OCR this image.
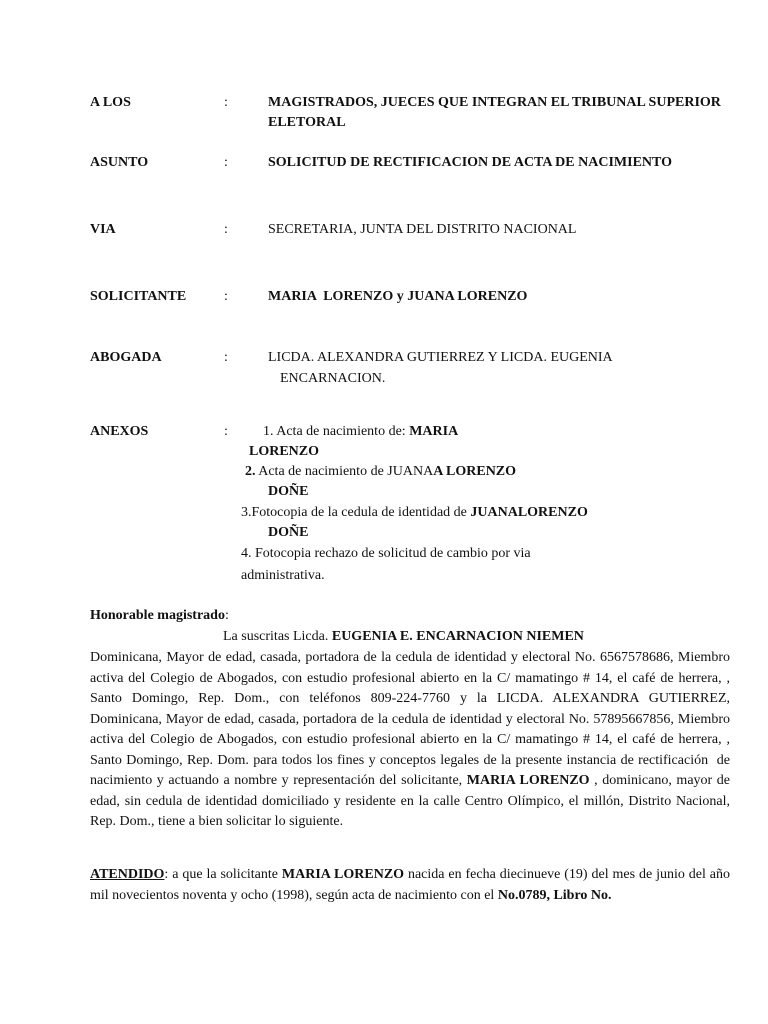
A LOS	:	MAGISTRADOS, JUECES QUE INTEGRAN EL TRIBUNAL SUPERIOR ELETORAL
ASUNTO	:	SOLICITUD DE RECTIFICACION DE ACTA DE NACIMIENTO
VIA	:	SECRETARIA, JUNTA DEL DISTRITO NACIONAL
SOLICITANTE	:	MARIA  LORENZO y JUANA LORENZO
ABOGADA	:	LICDA. ALEXANDRA GUTIERREZ Y LICDA. EUGENIA
ENCARNACION.
ANEXOS	:	1. Acta de nacimiento de: MARIA
LORENZO
2. Acta de nacimiento de JUANAA LORENZO
DOÑE
3.Fotocopia de la cedula de identidad de JUANALORENZO
DOÑE
4. Fotocopia rechazo de solicitud de cambio por via
administrativa.
Honorable magistrado:
La suscritas Licda. EUGENIA E. ENCARNACION NIEMEN
Dominicana, Mayor de edad, casada, portadora de la cedula de identidad y electoral No. 6567578686, Miembro activa del Colegio de Abogados, con estudio profesional abierto en la C/ mamatingo # 14, el café de herrera, , Santo Domingo, Rep. Dom., con teléfonos 809-224-7760 y la LICDA. ALEXANDRA GUTIERREZ, Dominicana, Mayor de edad, casada, portadora de la cedula de identidad y electoral No. 57895667856, Miembro activa del Colegio de Abogados, con estudio profesional abierto en la C/ mamatingo # 14, el café de herrera, , Santo Domingo, Rep. Dom. para todos los fines y conceptos legales de la presente instancia de rectificación  de nacimiento y actuando a nombre y representación del solicitante, MARIA LORENZO , dominicano, mayor de edad, sin cedula de identidad domiciliado y residente en la calle Centro Olímpico, el millón, Distrito Nacional, Rep. Dom., tiene a bien solicitar lo siguiente.
ATENDIDO: a que la solicitante MARIA LORENZO nacida en fecha diecinueve (19) del mes de junio del año mil novecientos noventa y ocho (1998), según acta de nacimiento con el No.0789, Libro No.
